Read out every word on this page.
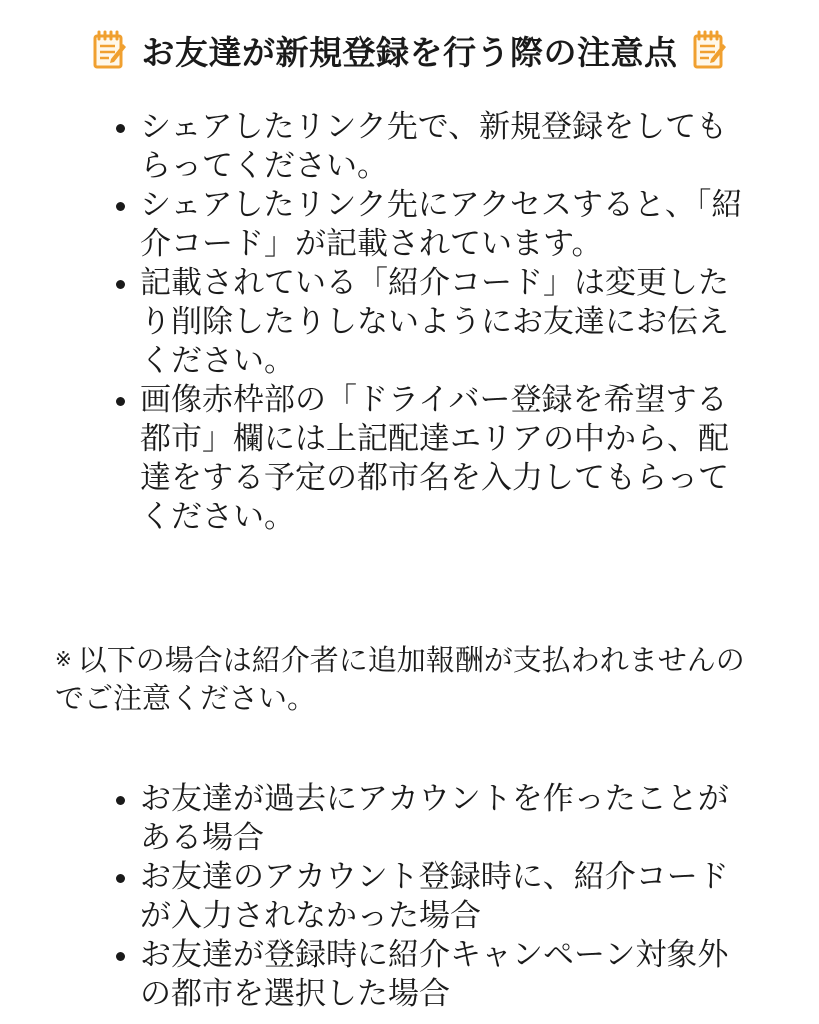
お友達が新規登録を行う際の注意点
シェアしたリンク先で、新規登録をしてもらってください。
シェアしたリンク先にアクセスすると、「紹介コード」が記載されています。
記載されている「紹介コード」は変更したり削除したりしないようにお友達にお伝えください。
画像赤枠部の「ドライバー登録を希望する都市」欄には上記配達エリアの中から、配達をする予定の都市名を入力してもらってください。
※ 以下の場合は紹介者に追加報酬が支払われませんのでご注意ください。
お友達が過去にアカウントを作ったことがある場合
お友達のアカウント登録時に、紹介コードが入力されなかった場合
お友達が登録時に紹介キャンペーン対象外の都市を選択した場合
